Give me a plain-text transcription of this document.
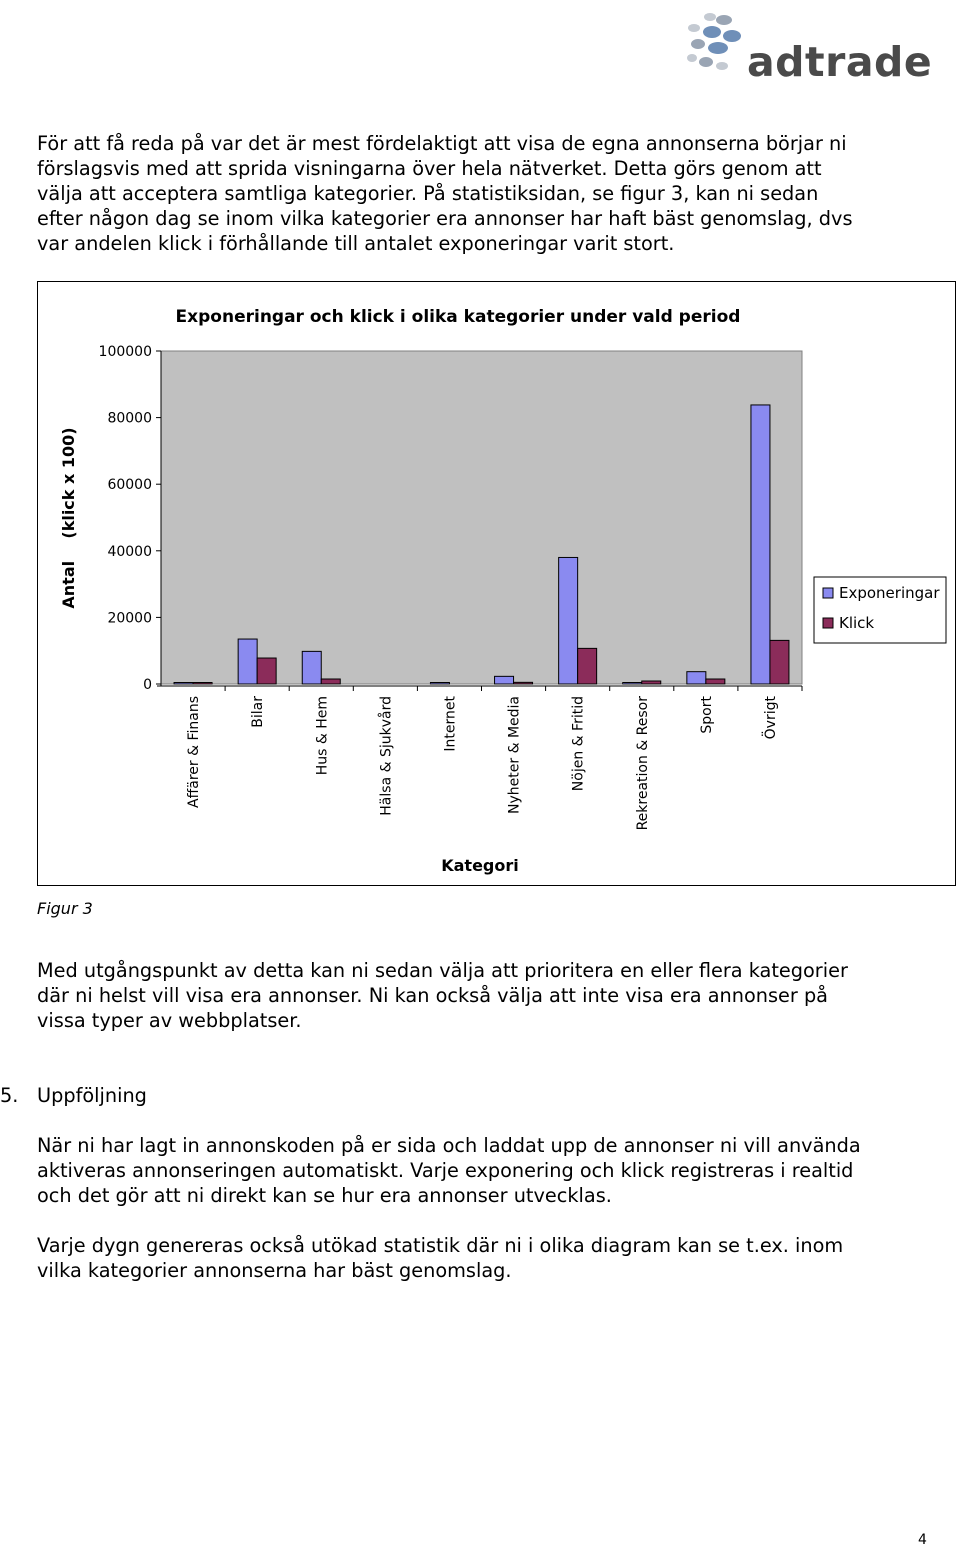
adtrade

För att få reda på var det är mest fördelaktigt att visa de egna annonserna börjar ni
förslagsvis med att sprida visningarna över hela nätverket. Detta görs genom att
välja att acceptera samtliga kategorier. På statistiksidan, se figur 3, kan ni sedan
efter någon dag se inom vilka kategorier era annonser har haft bäst genomslag, dvs
var andelen klick i förhållande till antalet exponeringar varit stort.

Exponeringar och klick i olika kategorier under vald period
100000
80000
60000
40000
20000
0
Antal    (klick x 100)
Affärer & Finans	Bilar	Hus & Hem	Hälsa & Sjukvård	Internet	Nyheter & Media	Nöjen & Fritid	Rekreation & Resor	Sport	Övrigt
Kategori
Exponeringar
Klick
Figur 3

Med utgångspunkt av detta kan ni sedan välja att prioritera en eller flera kategorier
där ni helst vill visa era annonser. Ni kan också välja att inte visa era annonser på
vissa typer av webbplatser.

5. Uppföljning

När ni har lagt in annonskoden på er sida och laddat upp de annonser ni vill använda
aktiveras annonseringen automatiskt. Varje exponering och klick registreras i realtid
och det gör att ni direkt kan se hur era annonser utvecklas.

Varje dygn genereras också utökad statistik där ni i olika diagram kan se t.ex. inom
vilka kategorier annonserna har bäst genomslag.

4
